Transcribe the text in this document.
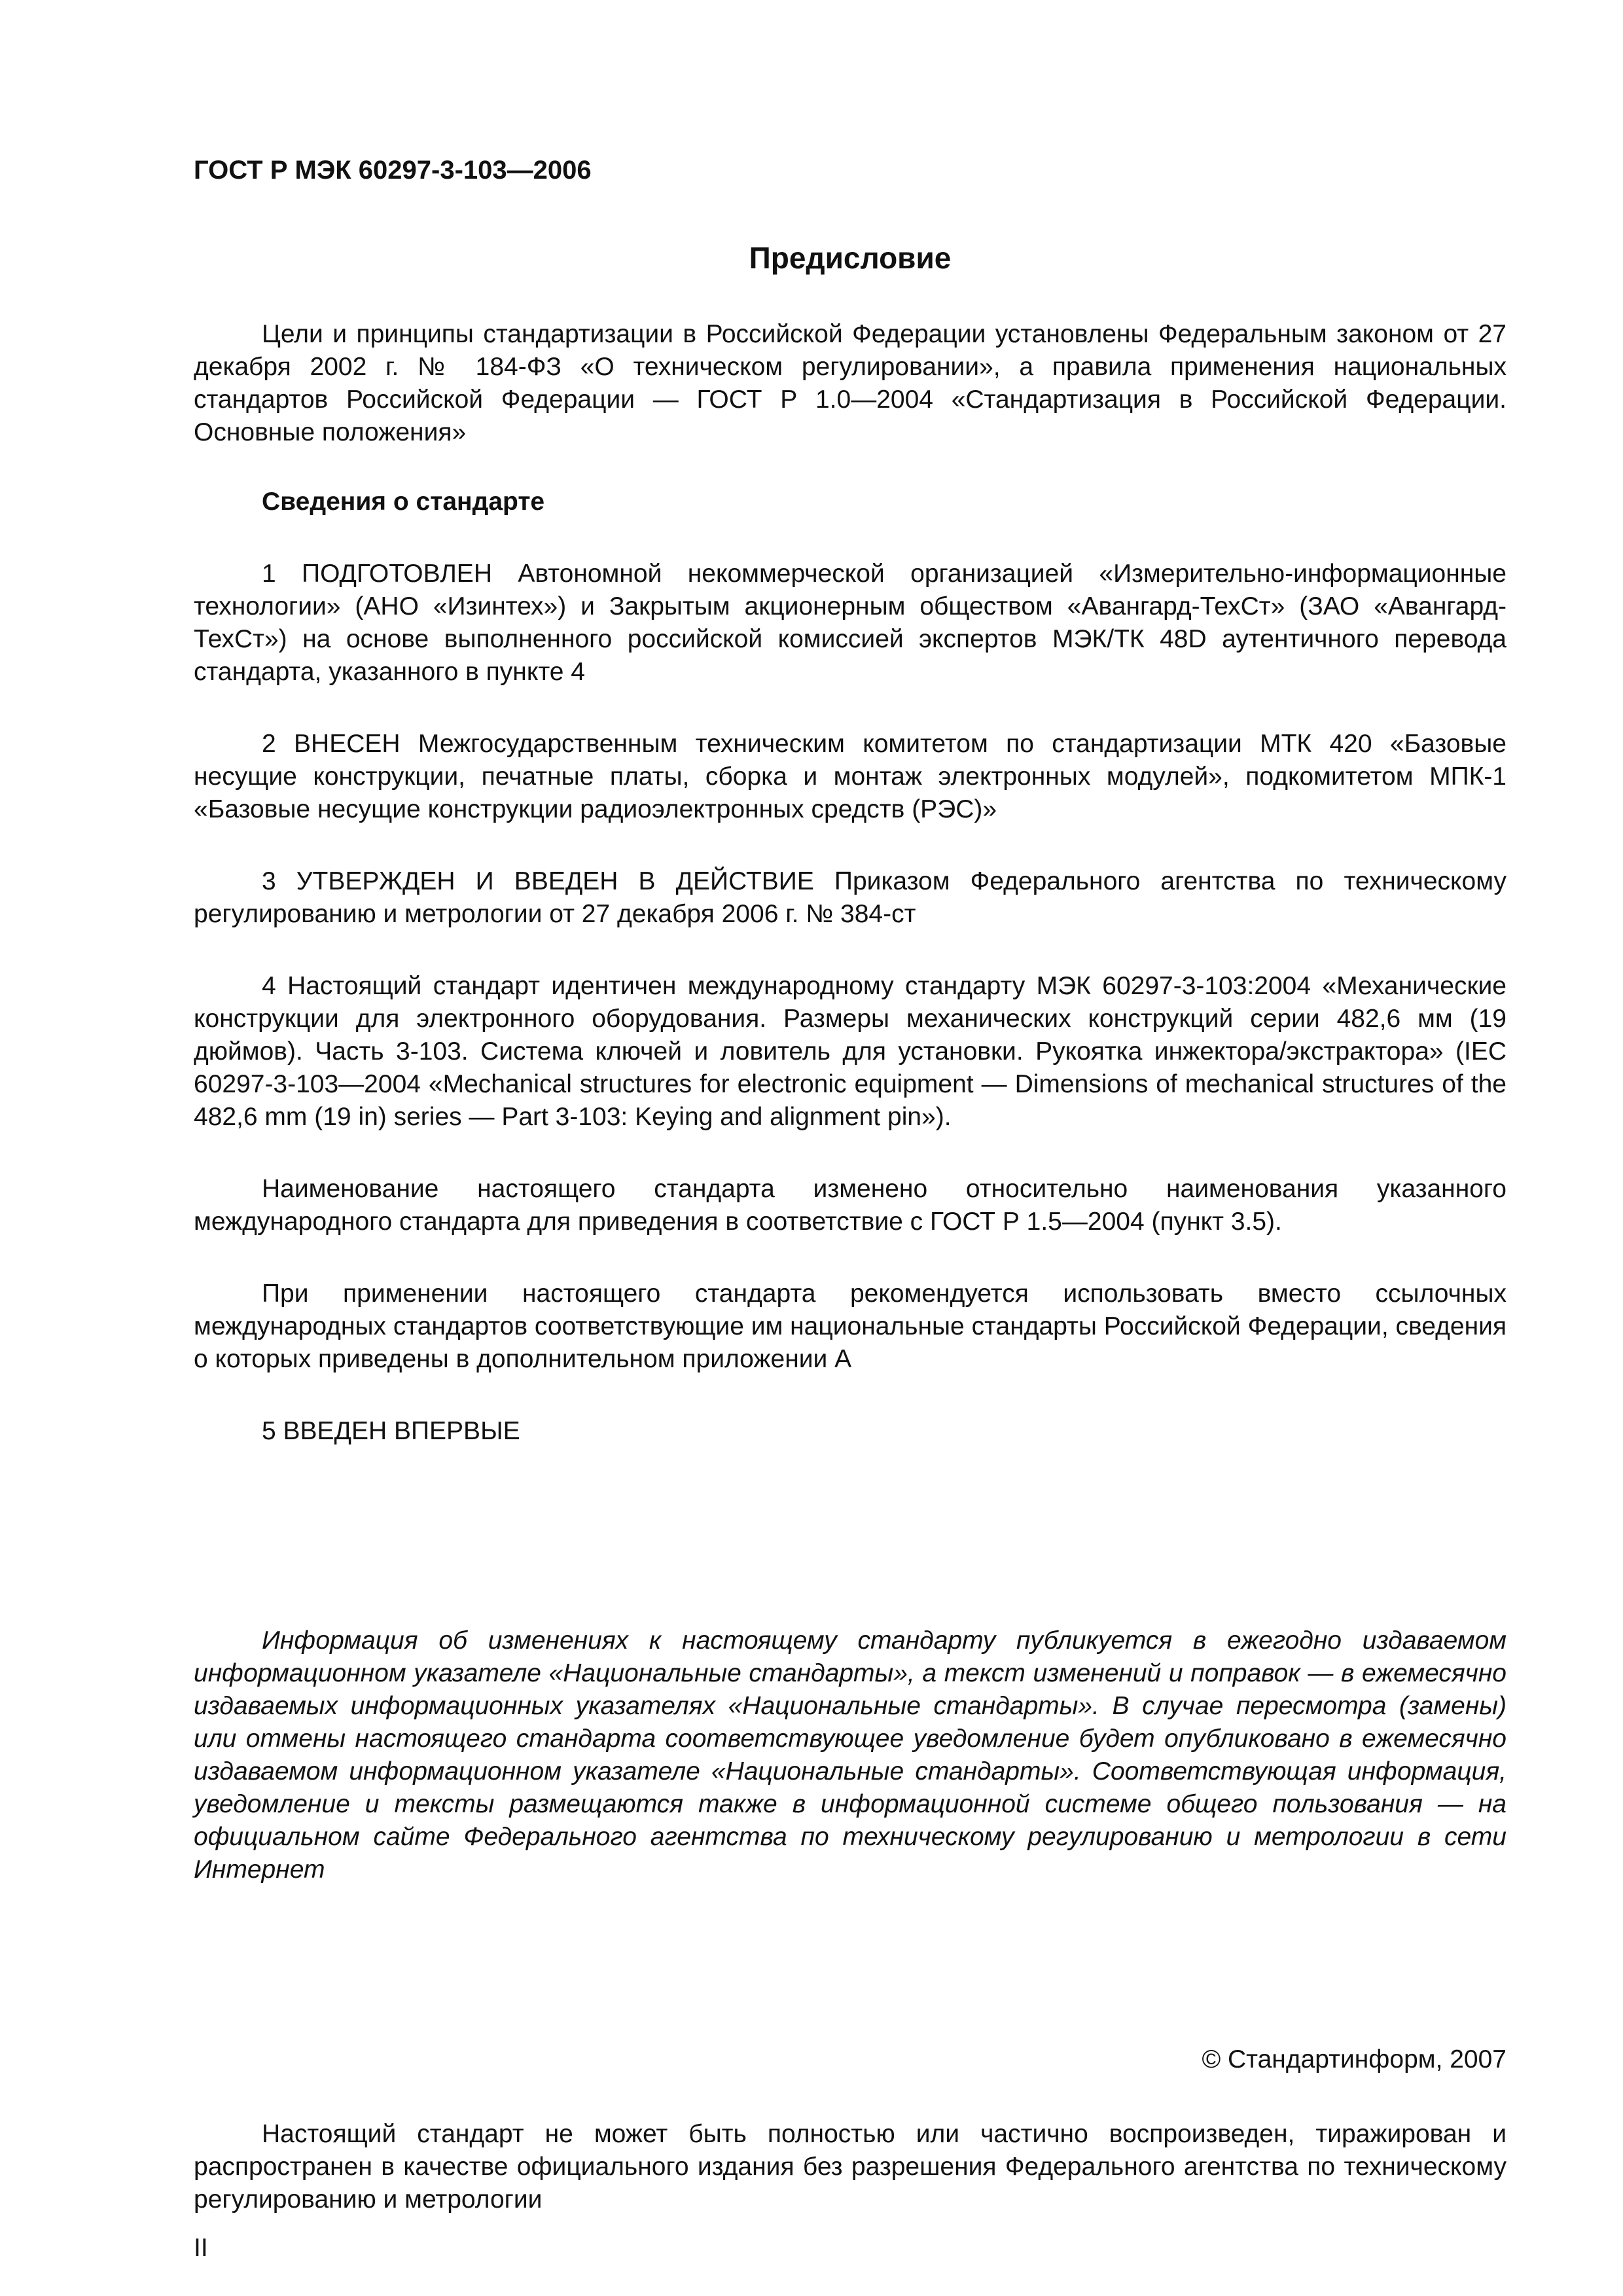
ГОСТ Р МЭК 60297-3-103—2006

Предисловие

Цели и принципы стандартизации в Российской Федерации установлены Федеральным законом от 27 декабря 2002 г. № 184-ФЗ «О техническом регулировании», а правила применения национальных стандартов Российской Федерации — ГОСТ Р 1.0—2004 «Стандартизация в Российской Федерации. Основные положения»

Сведения о стандарте

1 ПОДГОТОВЛЕН Автономной некоммерческой организацией «Измерительно-информационные технологии» (АНО «Изинтех») и Закрытым акционерным обществом «Авангард-ТехСт» (ЗАО «Авангард-ТехСт») на основе выполненного российской комиссией экспертов МЭК/ТК 48D аутентичного перевода стандарта, указанного в пункте 4

2 ВНЕСЕН Межгосударственным техническим комитетом по стандартизации МТК 420 «Базовые несущие конструкции, печатные платы, сборка и монтаж электронных модулей», подкомитетом МПК-1 «Базовые несущие конструкции радиоэлектронных средств (РЭС)»

3 УТВЕРЖДЕН И ВВЕДЕН В ДЕЙСТВИЕ Приказом Федерального агентства по техническому регулированию и метрологии от 27 декабря 2006 г. № 384-ст

4 Настоящий стандарт идентичен международному стандарту МЭК 60297-3-103:2004 «Механические конструкции для электронного оборудования. Размеры механических конструкций серии 482,6 мм (19 дюймов). Часть 3-103. Система ключей и ловитель для установки. Рукоятка инжектора/экстрактора» (IEC 60297-3-103—2004 «Mechanical structures for electronic equipment — Dimensions of mechanical structures of the 482,6 mm (19 in) series — Part 3-103: Keying and alignment pin»).

Наименование настоящего стандарта изменено относительно наименования указанного международного стандарта для приведения в соответствие с ГОСТ Р 1.5—2004 (пункт 3.5).

При применении настоящего стандарта рекомендуется использовать вместо ссылочных международных стандартов соответствующие им национальные стандарты Российской Федерации, сведения о которых приведены в дополнительном приложении А

5 ВВЕДЕН ВПЕРВЫЕ

Информация об изменениях к настоящему стандарту публикуется в ежегодно издаваемом информационном указателе «Национальные стандарты», а текст изменений и поправок — в ежемесячно издаваемых информационных указателях «Национальные стандарты». В случае пересмотра (замены) или отмены настоящего стандарта соответствующее уведомление будет опубликовано в ежемесячно издаваемом информационном указателе «Национальные стандарты». Соответствующая информация, уведомление и тексты размещаются также в информационной системе общего пользования — на официальном сайте Федерального агентства по техническому регулированию и метрологии в сети Интернет

© Стандартинформ, 2007

Настоящий стандарт не может быть полностью или частично воспроизведен, тиражирован и распространен в качестве официального издания без разрешения Федерального агентства по техническому регулированию и метрологии

II
